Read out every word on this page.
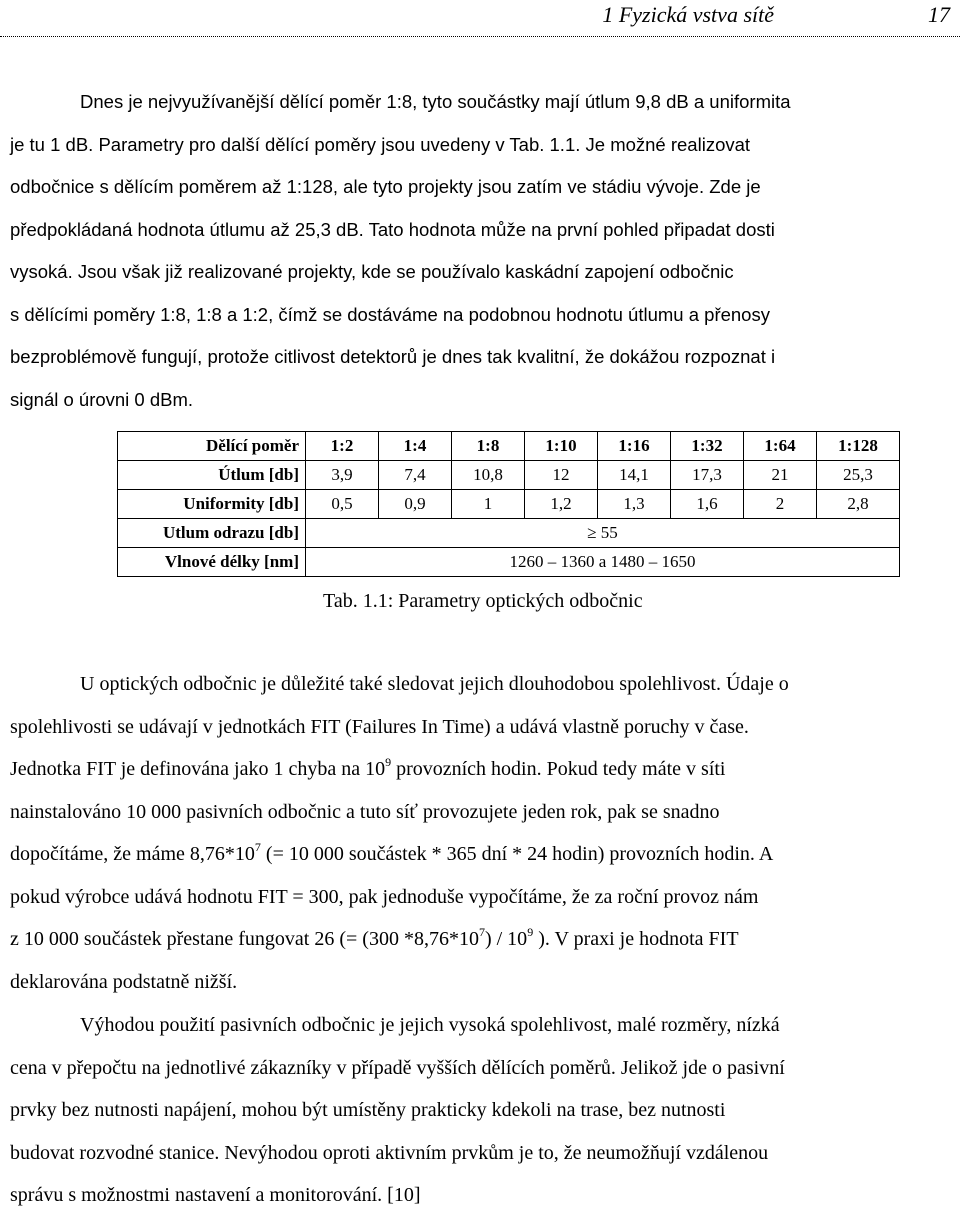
1 Fyzická vstva sítě	17
Dnes je nejvyužívanější dělící poměr 1:8, tyto součástky mají útlum 9,8 dB a uniformita
je tu 1 dB. Parametry pro další dělící poměry jsou uvedeny v Tab. 1.1. Je možné realizovat
odbočnice s dělícím poměrem až 1:128, ale tyto projekty jsou zatím ve stádiu vývoje. Zde je
předpokládaná hodnota útlumu až 25,3 dB. Tato hodnota může na první pohled připadat dosti
vysoká. Jsou však již realizované projekty, kde se používalo kaskádní zapojení odbočnic
s dělícími poměry 1:8, 1:8 a 1:2, čímž se dostáváme na podobnou hodnotu útlumu a přenosy
bezproblémově fungují, protože citlivost detektorů je dnes tak kvalitní, že dokážou rozpoznat i
signál o úrovni 0 dBm.
Dělící poměr	1:2	1:4	1:8	1:10	1:16	1:32	1:64	1:128
Útlum [db]	3,9	7,4	10,8	12	14,1	17,3	21	25,3
Uniformity [db]	0,5	0,9	1	1,2	1,3	1,6	2	2,8
Utlum odrazu [db]	≥ 55							
Vlnové délky [nm]	1260 – 1360 a 1480 – 1650							
Tab. 1.1: Parametry optických odbočnic
U optických odbočnic je důležité také sledovat jejich dlouhodobou spolehlivost. Údaje o
spolehlivosti se udávají v jednotkách FIT (Failures In Time) a udává vlastně poruchy v čase.
Jednotka FIT je definována jako 1 chyba na $10^9$ provozních hodin. Pokud tedy máte v síti
nainstalováno 10 000 pasivních odbočnic a tuto síť provozujete jeden rok, pak se snadno
dopočítáme, že máme $8,76*10^7$ (= 10 000 součástek * 365 dní * 24 hodin) provozních hodin. A
pokud výrobce udává hodnotu FIT = 300, pak jednoduše vypočítáme, že za roční provoz nám
z 10 000 součástek přestane fungovat 26 (= (300 $*8,76*10^7) / 10^9$ ). V praxi je hodnota FIT
deklarována podstatně nižší.
Výhodou použití pasivních odbočnic je jejich vysoká spolehlivost, malé rozměry, nízká
cena v přepočtu na jednotlivé zákazníky v případě vyšších dělících poměrů. Jelikož jde o pasivní
prvky bez nutnosti napájení, mohou být umístěny prakticky kdekoli na trase, bez nutnosti
budovat rozvodné stanice. Nevýhodou oproti aktivním prvkům je to, že neumožňují vzdálenou
správu s možnostmi nastavení a monitorování. [10]
